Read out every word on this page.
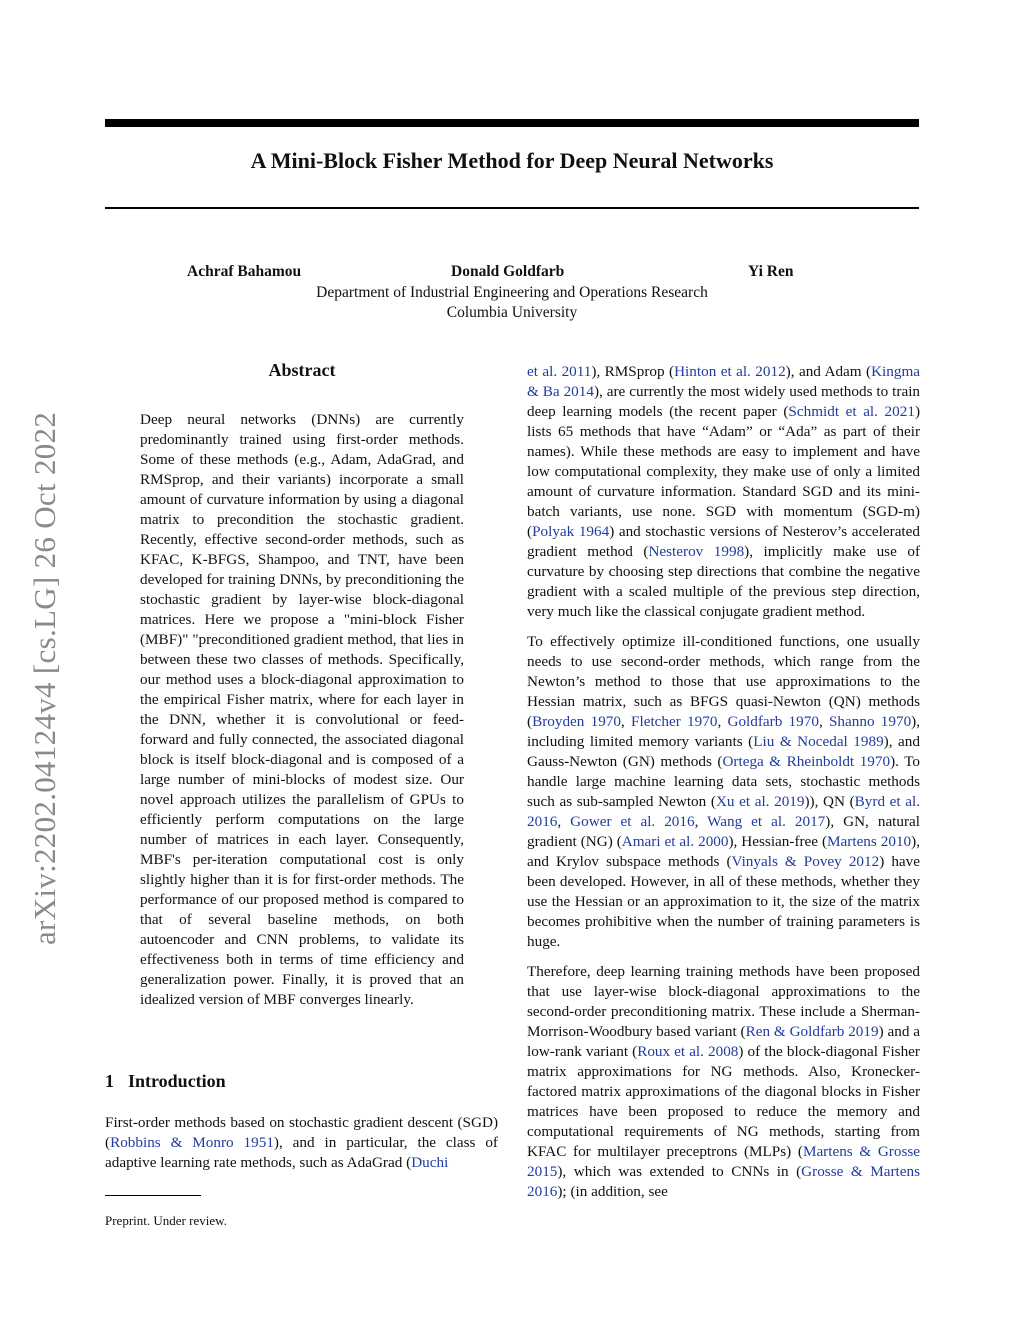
A Mini-Block Fisher Method for Deep Neural Networks
Achraf Bahamou	Donald Goldfarb	Yi Ren
Department of Industrial Engineering and Operations Research
Columbia University
arXiv:2202.04124v4 [cs.LG] 26 Oct 2022
Abstract

Deep neural networks (DNNs) are currently predominantly trained using first-order methods. Some of these methods (e.g., Adam, AdaGrad, and RMSprop, and their variants) incorporate a small amount of curvature information by using a diagonal matrix to precondition the stochastic gradient. Recently, effective second-order methods, such as KFAC, K-BFGS, Shampoo, and TNT, have been developed for training DNNs, by preconditioning the stochastic gradient by layer-wise block-diagonal matrices. Here we propose a "mini-block Fisher (MBF)" "preconditioned gradient method, that lies in between these two classes of methods. Specifically, our method uses a block-diagonal approximation to the empirical Fisher matrix, where for each layer in the DNN, whether it is convolutional or feed-forward and fully connected, the associated diagonal block is itself block-diagonal and is composed of a large number of mini-blocks of modest size. Our novel approach utilizes the parallelism of GPUs to efficiently perform computations on the large number of matrices in each layer. Consequently, MBF's per-iteration computational cost is only slightly higher than it is for first-order methods. The performance of our proposed method is compared to that of several baseline methods, on both autoencoder and CNN problems, to validate its effectiveness both in terms of time efficiency and generalization power. Finally, it is proved that an idealized version of MBF converges linearly.

1 Introduction

First-order methods based on stochastic gradient descent (SGD) (Robbins & Monro 1951), and in particular, the class of adaptive learning rate methods, such as AdaGrad (Duchi

Preprint. Under review.

et al. 2011), RMSprop (Hinton et al. 2012), and Adam (Kingma & Ba 2014), are currently the most widely used methods to train deep learning models (the recent paper (Schmidt et al. 2021) lists 65 methods that have “Adam” or “Ada” as part of their names). While these methods are easy to implement and have low computational complexity, they make use of only a limited amount of curvature information. Standard SGD and its mini-batch variants, use none. SGD with momentum (SGD-m) (Polyak 1964) and stochastic versions of Nesterov’s accelerated gradient method (Nesterov 1998), implicitly make use of curvature by choosing step directions that combine the negative gradient with a scaled multiple of the previous step direction, very much like the classical conjugate gradient method.

To effectively optimize ill-conditioned functions, one usually needs to use second-order methods, which range from the Newton’s method to those that use approximations to the Hessian matrix, such as BFGS quasi-Newton (QN) methods (Broyden 1970, Fletcher 1970, Goldfarb 1970, Shanno 1970), including limited memory variants (Liu & Nocedal 1989), and Gauss-Newton (GN) methods (Ortega & Rheinboldt 1970). To handle large machine learning data sets, stochastic methods such as sub-sampled Newton (Xu et al. 2019)), QN (Byrd et al. 2016, Gower et al. 2016, Wang et al. 2017), GN, natural gradient (NG) (Amari et al. 2000), Hessian-free (Martens 2010), and Krylov subspace methods (Vinyals & Povey 2012) have been developed. However, in all of these methods, whether they use the Hessian or an approximation to it, the size of the matrix becomes prohibitive when the number of training parameters is huge.

Therefore, deep learning training methods have been proposed that use layer-wise block-diagonal approximations to the second-order preconditioning matrix. These include a Sherman-Morrison-Woodbury based variant (Ren & Goldfarb 2019) and a low-rank variant (Roux et al. 2008) of the block-diagonal Fisher matrix approximations for NG methods. Also, Kronecker-factored matrix approximations of the diagonal blocks in Fisher matrices have been proposed to reduce the memory and computational requirements of NG methods, starting from KFAC for multilayer preceptrons (MLPs) (Martens & Grosse 2015), which was extended to CNNs in (Grosse & Martens 2016); (in addition, see
